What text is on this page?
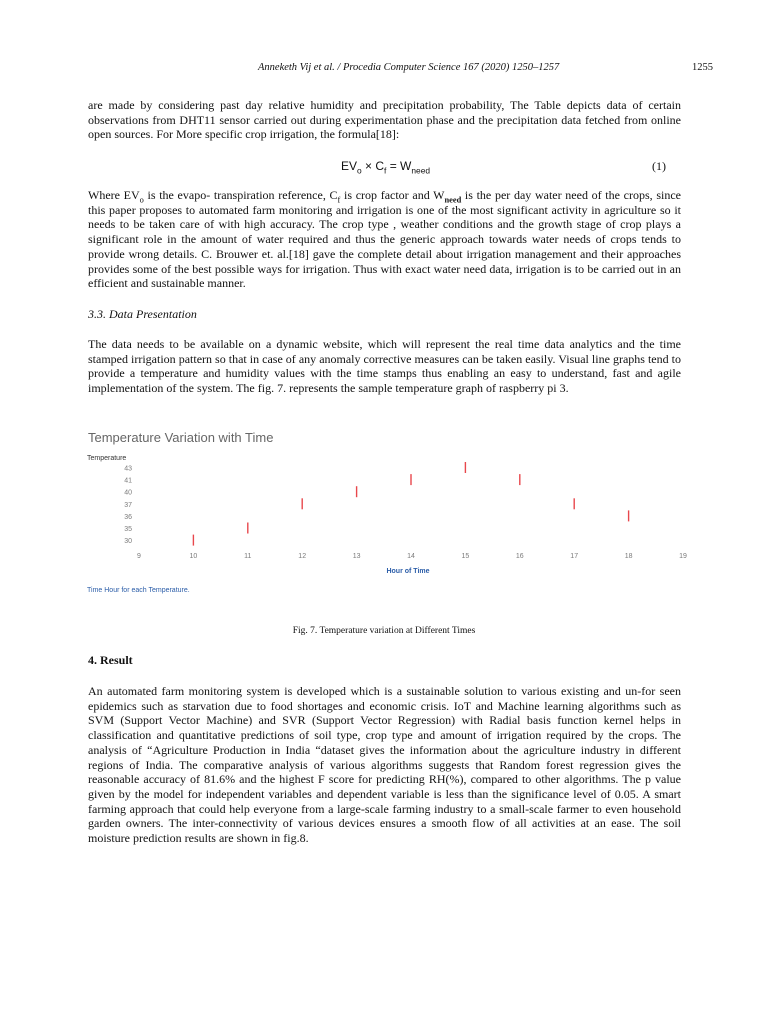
Anneketh Vij et al. / Procedia Computer Science 167 (2020) 1250–1257	1255

are made by considering past day relative humidity and precipitation probability, The Table depicts data of certain observations from DHT11 sensor carried out during experimentation phase and the precipitation data fetched from online open sources. For More specific crop irrigation, the formula[18]:

$EV_o \times C_f = W_{need}$	(1)

Where $EV_o$ is the evapo- transpiration reference, $C_f$ is crop factor and $W_{need}$ is the per day water need of the crops, since this paper proposes to automated farm monitoring and irrigation is one of the most significant activity in agriculture so it needs to be taken care of with high accuracy. The crop type , weather conditions and the growth stage of crop plays a significant role in the amount of water required and thus the generic approach towards water needs of crops tends to provide wrong details. C. Brouwer et. al.[18] gave the complete detail about irrigation management and their approaches provides some of the best possible ways for irrigation. Thus with exact water need data, irrigation is to be carried out in an efficient and sustainable manner.

3.3. Data Presentation

The data needs to be available on a dynamic website, which will represent the real time data analytics and the time stamped irrigation pattern so that in case of any anomaly corrective measures can be taken easily. Visual line graphs tend to provide a temperature and humidity values with the time stamps thus enabling an easy to understand, fast and agile implementation of the system. The fig. 7. represents the sample temperature graph of raspberry pi 3.

Temperature Variation with Time
Temperature
43
41
40
37
36
35
30
9	10	11	12	13	14	15	16	17	18	19
Hour of Time
Time Hour for each Temperature.
Fig. 7. Temperature variation at Different Times
4. Result

An automated farm monitoring system is developed which is a sustainable solution to various existing and un-for seen epidemics such as starvation due to food shortages and economic crisis. IoT and Machine learning algorithms such as SVM (Support Vector Machine) and SVR (Support Vector Regression) with Radial basis function kernel helps in classification and quantitative predictions of soil type, crop type and amount of irrigation required by the crops. The analysis of “Agriculture Production in India “dataset gives the information about the agriculture industry in different regions of India. The comparative analysis of various algorithms suggests that Random forest regression gives the reasonable accuracy of 81.6% and the highest F score for predicting RH(%), compared to other algorithms. The p value given by the model for independent variables and dependent variable is less than the significance level of 0.05. A smart farming approach that could help everyone from a large-scale farming industry to a small-scale farmer to even household garden owners. The inter-connectivity of various devices ensures a smooth flow of all activities at an ease. The soil moisture prediction results are shown in fig.8.
